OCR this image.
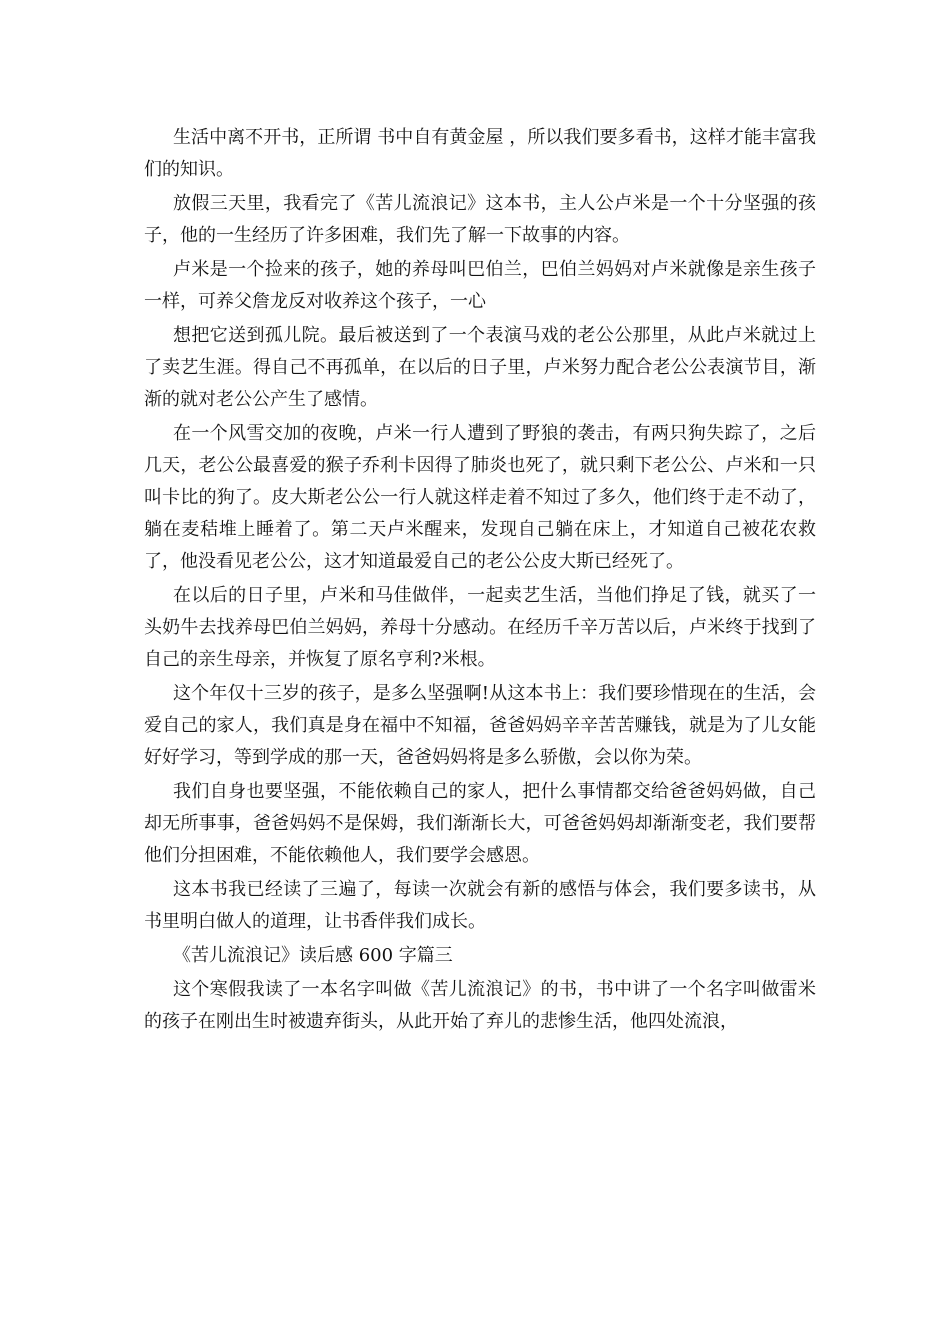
生活中离不开书，正所谓 书中自有黄金屋 ，所以我们要多看书，这样才能丰富我们的知识。

放假三天里，我看完了《苦儿流浪记》这本书，主人公卢米是一个十分坚强的孩子，他的一生经历了许多困难，我们先了解一下故事的内容。

卢米是一个捡来的孩子，她的养母叫巴伯兰，巴伯兰妈妈对卢米就像是亲生孩子一样，可养父詹龙反对收养这个孩子，一心

想把它送到孤儿院。最后被送到了一个表演马戏的老公公那里，从此卢米就过上了卖艺生涯。得自己不再孤单，在以后的日子里，卢米努力配合老公公表演节目，渐渐的就对老公公产生了感情。

在一个风雪交加的夜晚，卢米一行人遭到了野狼的袭击，有两只狗失踪了，之后几天，老公公最喜爱的猴子乔利卡因得了肺炎也死了，就只剩下老公公、卢米和一只叫卡比的狗了。皮大斯老公公一行人就这样走着不知过了多久，他们终于走不动了，躺在麦秸堆上睡着了。第二天卢米醒来，发现自己躺在床上，才知道自己被花农救了，他没看见老公公，这才知道最爱自己的老公公皮大斯已经死了。

在以后的日子里，卢米和马佳做伴，一起卖艺生活，当他们挣足了钱，就买了一头奶牛去找养母巴伯兰妈妈，养母十分感动。在经历千辛万苦以后，卢米终于找到了自己的亲生母亲，并恢复了原名亨利?米根。

这个年仅十三岁的孩子，是多么坚强啊!从这本书上：我们要珍惜现在的生活，会爱自己的家人，我们真是身在福中不知福，爸爸妈妈辛辛苦苦赚钱，就是为了儿女能好好学习，等到学成的那一天，爸爸妈妈将是多么骄傲，会以你为荣。

我们自身也要坚强，不能依赖自己的家人，把什么事情都交给爸爸妈妈做，自己却无所事事，爸爸妈妈不是保姆，我们渐渐长大，可爸爸妈妈却渐渐变老，我们要帮他们分担困难，不能依赖他人，我们要学会感恩。

这本书我已经读了三遍了，每读一次就会有新的感悟与体会，我们要多读书，从书里明白做人的道理，让书香伴我们成长。

《苦儿流浪记》读后感 600 字篇三

这个寒假我读了一本名字叫做《苦儿流浪记》的书，书中讲了一个名字叫做雷米的孩子在刚出生时被遗弃街头，从此开始了弃儿的悲惨生活，他四处流浪，
